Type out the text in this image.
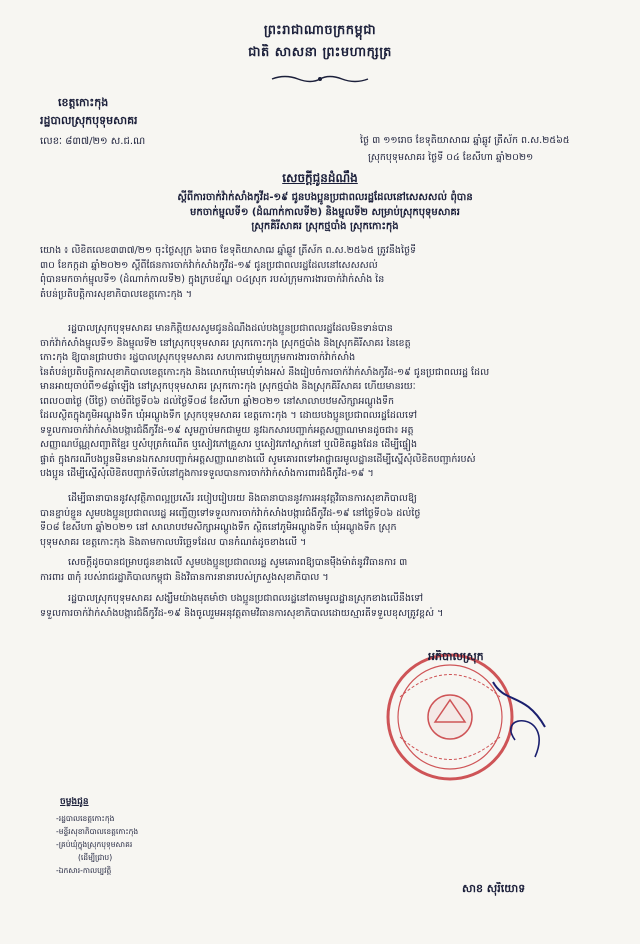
ព្រះរាជាណាចក្រកម្ពុជា
ជាតិ សាសនា ព្រះមហាក្សត្រ
ខេត្តកោះកុង
រដ្ឋបាលស្រុកបុទុមសាគរ
លេខៈ ៨៣៧/២១ ស.ជ.ណ	ថ្ងៃ ៣ ១១រោច ខែទុតិយាសាឍ ឆ្នាំឆ្លូវ ត្រីស័ក ព.ស.២៥៦៥
ស្រុកបុទុមសាគរ ថ្ងៃទី ០៤ ខែសីហា ឆ្នាំ២០២១
សេចក្តីជូនដំណឹង
ស្តីពីការចាក់វ៉ាក់សាំងកូវីដ-១៩ ជូនបងប្អូនប្រជាពលរដ្ឋដែលនៅសេសសល់ ពុំបាន
មកចាក់ម្ជុលទី១ (ដំណាក់កាលទី២) និងម្ជុលទី២ សម្រាប់ស្រុកបុទុមសាគរ
ស្រុកគិរីសាគរ ស្រុកថ្មបាំង ស្រុកកោះកុង
យោង ៖ លិខិតលេខ៣៣៧/២១ ចុះថ្ងៃសុក្រ ៦រោច ខែទុតិយាសាឍ ឆ្នាំឆ្លូវ ត្រីស័ក ព.ស.២៥៦៥ ត្រូវនឹងថ្ងៃទី
៣០ ខែកក្កដា ឆ្នាំ២០២១ ស្តីពីផែនការចាក់វ៉ាក់សាំងកូវីដ-១៩ ជូនប្រជាពលរដ្ឋដែលនៅសេសសល់
ពុំបានមកចាក់ម្ជុលទី១ (ដំណាក់កាលទី២) ក្នុងក្របខ័ណ្ឌ ០៤ស្រុក របស់ក្រុមការងារចាក់វ៉ាក់សាំង នៃ
តំបន់ប្រតិបត្តិការសុខាភិបាលខេត្តកោះកុង ។
រដ្ឋបាលស្រុកបុទុមសាគរ មានកិត្តិយសសូមជូនដំណឹងដល់បងប្អូនប្រជាពលរដ្ឋដែលមិនទាន់បាន
ចាក់វ៉ាក់សាំងម្ជុលទី១ និងម្ជុលទី២ នៅស្រុកបុទុមសាគរ ស្រុកកោះកុង ស្រុកថ្មបាំង និងស្រុកគិរីសាគរ នៃខេត្ត
កោះកុង ឱ្យបានជ្រាបថា៖ រដ្ឋបាលស្រុកបុទុមសាគរ សហការជាមួយក្រុមការងារចាក់វ៉ាក់សាំង
នៃតំបន់ប្រតិបត្តិការសុខាភិបាលខេត្តកោះកុង និងលោកឃុំមេឃុំទាំងអស់ នឹងរៀបចំការចាក់វ៉ាក់សាំងកូវីដ-១៩ ជូនប្រជាពលរដ្ឋ ដែល
មានអាយុចាប់ពី១៨ឆ្នាំឡើង នៅស្រុកបុទុមសាគរ ស្រុកកោះកុង ស្រុកថ្មបាំង និងស្រុកគិរីសាគរ ហើយមានរយៈ
ពេល០៣ថ្ងៃ (បីថ្ងៃ) ចាប់ពីថ្ងៃទី០៦ ដល់ថ្ងៃទី០៨ ខែសីហា ឆ្នាំ២០២១ នៅសាលាបឋមសិក្សាអណ្តូងទឹក
ដែលស្ថិតក្នុងភូមិអណ្តូងទឹក ឃុំអណ្តូងទឹក ស្រុកបុទុមសាគរ ខេត្តកោះកុង ។ ដោយបងប្អូនប្រជាពលរដ្ឋដែលទៅ
ទទួលការចាក់វ៉ាក់សាំងបង្ការជំងឺកូវីដ-១៩ សូមភ្ជាប់មកជាមួយ នូវឯកសារបញ្ជាក់អត្តសញ្ញាណមានដូចជា៖ អត្ត
សញ្ញាណប័ណ្ណសញ្ជាតិខ្មែរ ឬសំបុត្រកំណើត ឬសៀវភៅគ្រួសារ ឬសៀវភៅស្នាក់នៅ ឬលិខិតឆ្លងដែន ដើម្បីផ្ទៀង
ផ្ទាត់ ក្នុងករណីបងប្អូនមិនមានឯកសារបញ្ជាក់អត្តសញ្ញាណខាងលើ សូមគោរពទៅអាជ្ញាធរមូលដ្ឋានដើម្បីស្នើសុំលិខិតបញ្ជាក់របស់
បងប្អូន ដើម្បីស្នើសុំលិខិតបញ្ជាក់ទីលំនៅក្នុងការទទួលបានការចាក់វ៉ាក់សាំងការពារជំងឺកូវីដ-១៩ ។
ដើម្បីធានាបាននូវសុវត្ថិភាពល្អប្រសើរ របៀបរៀបរយ និងធានាបាននូវការអនុវត្តវិធានការសុខាភិបាលឱ្យ
បានខ្ជាប់ខ្ជួន សូមបងប្អូនប្រជាពលរដ្ឋ អញ្ជើញទៅទទួលការចាក់វ៉ាក់សាំងបង្ការជំងឺកូវីដ-១៩ នៅថ្ងៃទី០៦ ដល់ថ្ងៃ
ទី០៨ ខែសីហា ឆ្នាំ២០២១ នៅ សាលាបឋមសិក្សាអណ្តូងទឹក ស្ថិតនៅភូមិអណ្តូងទឹក ឃុំអណ្តូងទឹក ស្រុក
បុទុមសាគរ ខេត្តកោះកុង និងតាមកាលបរិច្ឆេទដែល បានកំណត់ដូចខាងលើ ។
សេចក្តីដូចបានជម្រាបជូនខាងលើ សូមបងប្អូនប្រជាពលរដ្ឋ សូមគោរពឱ្យបានម៉ឺងម៉ាត់នូវវិធានការ ៣
ការពារ ៣កុំ របស់រាជរដ្ឋាភិបាលកម្ពុជា និងវិធានការនានារបស់ក្រសួងសុខាភិបាល ។
រដ្ឋបាលស្រុកបុទុមសាគរ សង្ឃឹមយ៉ាងមុតមាំថា បងប្អូនប្រជាពលរដ្ឋនៅតាមមូលដ្ឋានស្រុកខាងលើនឹងទៅ
ទទួលការចាក់វ៉ាក់សាំងបង្ការជំងឺកូវីដ-១៩ និងចូលរួមអនុវត្តតាមវិធានការសុខាភិបាលដោយស្មារតីទទួលខុសត្រូវខ្ពស់ ។
ចម្លងជូន
-រដ្ឋបាលខេត្តកោះកុង
-មន្ទីរសុខាភិបាលខេត្តកោះកុង
-គ្រប់ឃុំក្នុងស្រុកបុទុមសាគរ
(ដើម្បីជ្រាប)
-ឯកសារ-កាលប្បវត្តិ
អភិបាលស្រុក
សាខ សុរិយោទ
